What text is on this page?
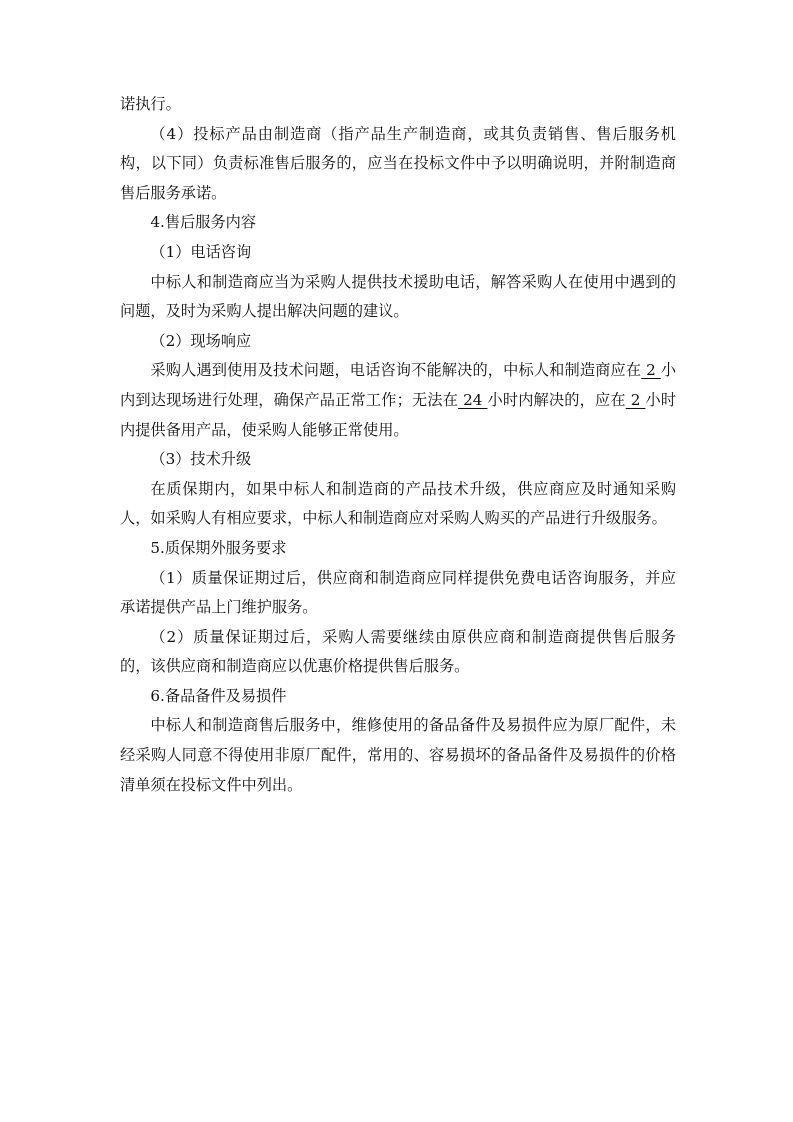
诺执行。

（4）投标产品由制造商（指产品生产制造商，或其负责销售、售后服务机构，以下同）负责标准售后服务的，应当在投标文件中予以明确说明，并附制造商售后服务承诺。

4.售后服务内容

（1）电话咨询

中标人和制造商应当为采购人提供技术援助电话，解答采购人在使用中遇到的问题，及时为采购人提出解决问题的建议。

（2）现场响应

采购人遇到使用及技术问题，电话咨询不能解决的，中标人和制造商应在 2 小内到达现场进行处理，确保产品正常工作；无法在 24 小时内解决的，应在 2 小时内提供备用产品，使采购人能够正常使用。

（3）技术升级

在质保期内，如果中标人和制造商的产品技术升级，供应商应及时通知采购人，如采购人有相应要求，中标人和制造商应对采购人购买的产品进行升级服务。

5.质保期外服务要求

（1）质量保证期过后，供应商和制造商应同样提供免费电话咨询服务，并应承诺提供产品上门维护服务。

（2）质量保证期过后，采购人需要继续由原供应商和制造商提供售后服务的，该供应商和制造商应以优惠价格提供售后服务。

6.备品备件及易损件

中标人和制造商售后服务中，维修使用的备品备件及易损件应为原厂配件，未经采购人同意不得使用非原厂配件，常用的、容易损坏的备品备件及易损件的价格清单须在投标文件中列出。
